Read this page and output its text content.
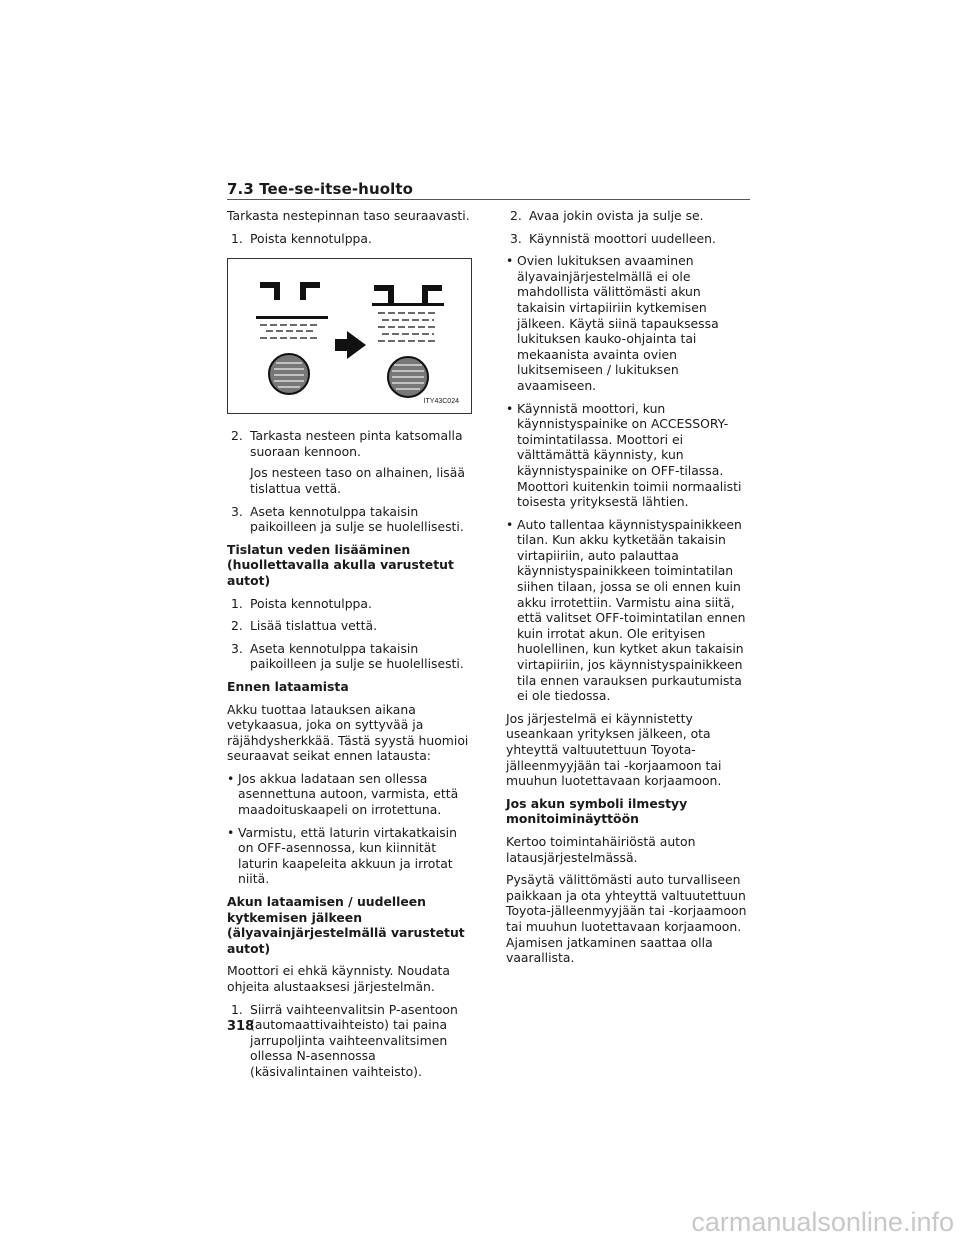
7.3 Tee-se-itse-huolto

Tarkasta nestepinnan taso seuraavasti.

1. Poista kennotulppa.

ITY43C024

2. Tarkasta nesteen pinta katsomalla suoraan kennoon.

Jos nesteen taso on alhainen, lisää tislattua vettä.

3. Aseta kennotulppa takaisin paikoilleen ja sulje se huolellisesti.

Tislatun veden lisääminen (huollettavalla akulla varustetut autot)

1. Poista kennotulppa.

2. Lisää tislattua vettä.

3. Aseta kennotulppa takaisin paikoilleen ja sulje se huolellisesti.

Ennen lataamista

Akku tuottaa latauksen aikana vetykaasua, joka on syttyvää ja räjähdysherkkää. Tästä syystä huomioi seuraavat seikat ennen latausta:

• Jos akkua ladataan sen ollessa asennettuna autoon, varmista, että maadoituskaapeli on irrotettuna.

• Varmistu, että laturin virtakatkaisin on OFF-asennossa, kun kiinnität laturin kaapeleita akkuun ja irrotat niitä.

Akun lataamisen / uudelleen kytkemisen jälkeen (älyavainjärjestelmällä varustetut autot)

Moottori ei ehkä käynnisty. Noudata ohjeita alustaaksesi järjestelmän.

1. Siirrä vaihteenvalitsin P-asentoon (automaattivaihteisto) tai paina jarrupoljinta vaihteenvalitsimen ollessa N-asennossa (käsivalintainen vaihteisto).

2. Avaa jokin ovista ja sulje se.

3. Käynnistä moottori uudelleen.

• Ovien lukituksen avaaminen älyavainjärjestelmällä ei ole mahdollista välittömästi akun takaisin virtapiiriin kytkemisen jälkeen. Käytä siinä tapauksessa lukituksen kauko-ohjainta tai mekaanista avainta ovien lukitsemiseen / lukituksen avaamiseen.

• Käynnistä moottori, kun käynnistyspainike on ACCESSORY-toimintatilassa. Moottori ei välttämättä käynnisty, kun käynnistyspainike on OFF-tilassa. Moottori kuitenkin toimii normaalisti toisesta yrityksestä lähtien.

• Auto tallentaa käynnistyspainikkeen tilan. Kun akku kytketään takaisin virtapiiriin, auto palauttaa käynnistyspainikkeen toimintatilan siihen tilaan, jossa se oli ennen kuin akku irrotettiin. Varmistu aina siitä, että valitset OFF-toimintatilan ennen kuin irrotat akun. Ole erityisen huolellinen, kun kytket akun takaisin virtapiiriin, jos käynnistyspainikkeen tila ennen varauksen purkautumista ei ole tiedossa.

Jos järjestelmä ei käynnistetty useankaan yrityksen jälkeen, ota yhteyttä valtuutettuun Toyota-jälleenmyyjään tai -korjaamoon tai muuhun luotettavaan korjaamoon.

Jos akun symboli ilmestyy monitoiminäyttöön

Kertoo toimintahäiriöstä auton latausjärjestelmässä.

Pysäytä välittömästi auto turvalliseen paikkaan ja ota yhteyttä valtuutettuun Toyota-jälleenmyyjään tai -korjaamoon tai muuhun luotettavaan korjaamoon. Ajamisen jatkaminen saattaa olla vaarallista.

318
carmanualsonline.info
